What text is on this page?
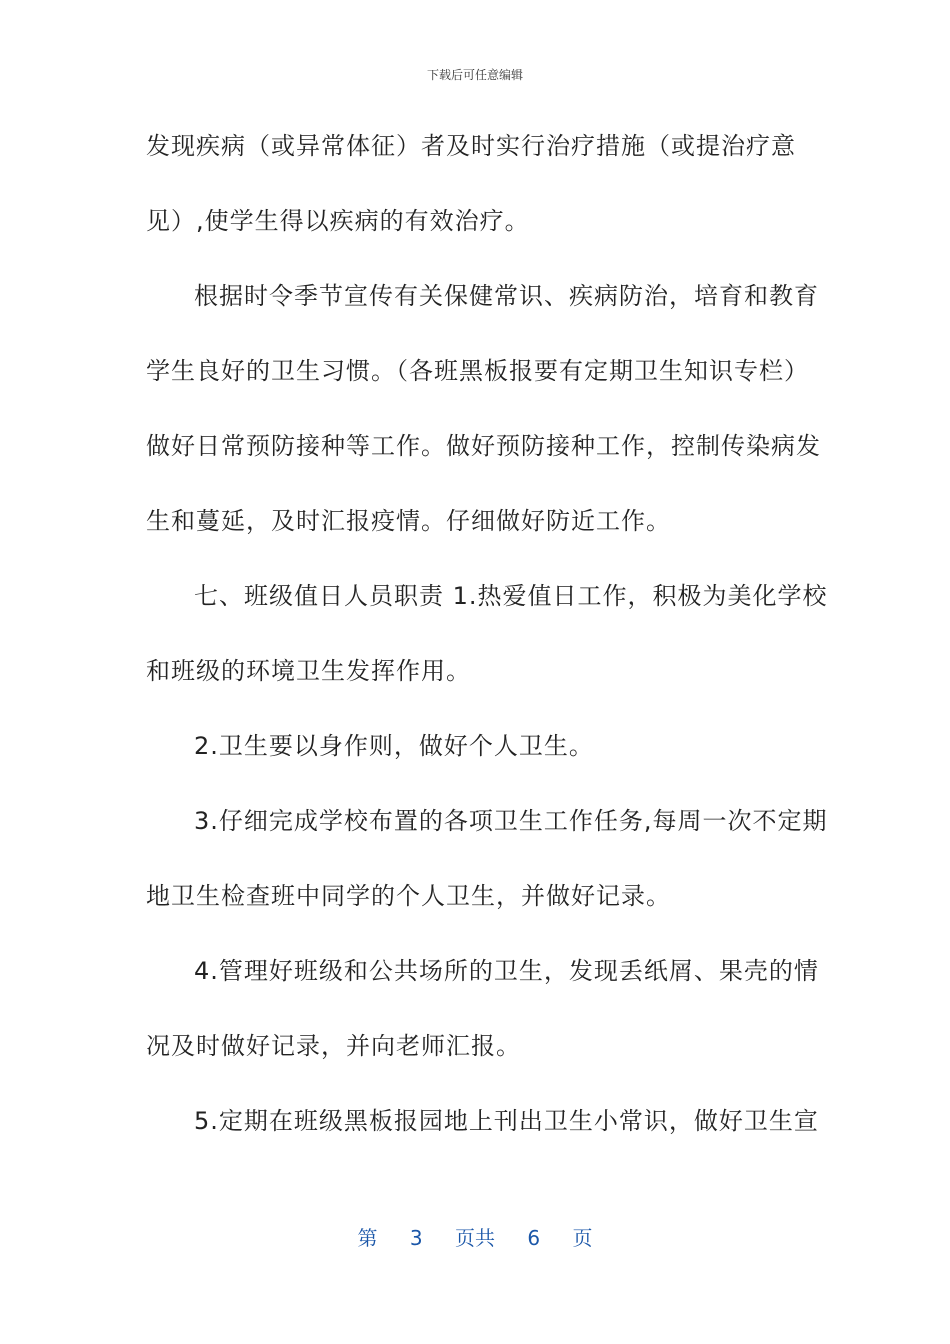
下载后可任意编辑
发现疾病（或异常体征）者及时实行治疗措施（或提治疗意
见）,使学生得以疾病的有效治疗。
根据时令季节宣传有关保健常识、疾病防治，培育和教育
学生良好的卫生习惯。（各班黑板报要有定期卫生知识专栏）
做好日常预防接种等工作。做好预防接种工作，控制传染病发
生和蔓延，及时汇报疫情。仔细做好防近工作。
七、班级值日人员职责 1.热爱值日工作，积极为美化学校
和班级的环境卫生发挥作用。
2.卫生要以身作则，做好个人卫生。
3.仔细完成学校布置的各项卫生工作任务,每周一次不定期
地卫生检查班中同学的个人卫生，并做好记录。
4.管理好班级和公共场所的卫生，发现丢纸屑、果壳的情
况及时做好记录，并向老师汇报。
5.定期在班级黑板报园地上刊出卫生小常识，做好卫生宣
第 3 页共 6 页
